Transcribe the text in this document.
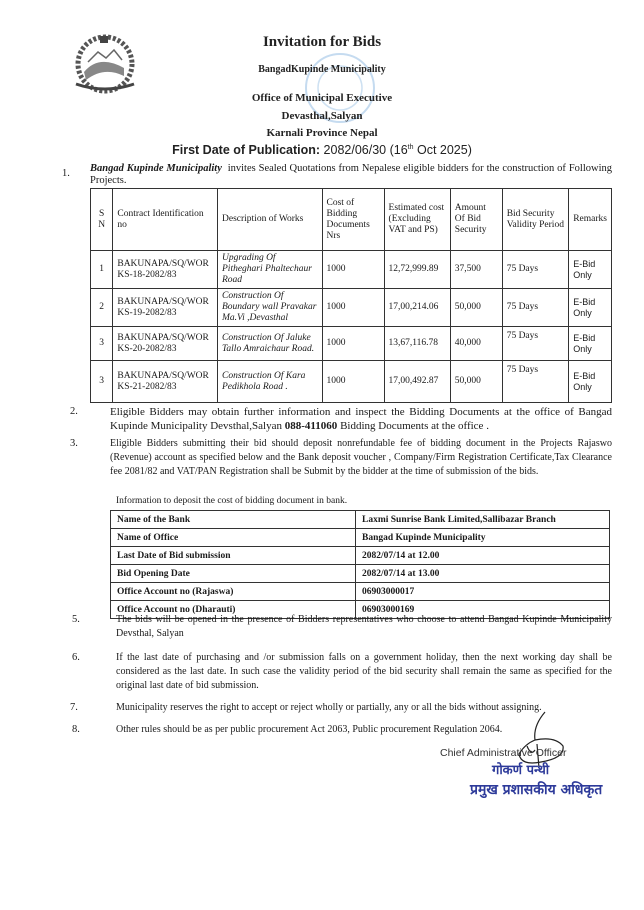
Invitation for Bids
BangadKupinde Municipality
Office of Municipal Executive
Devasthal,Salyan
Karnali Province Nepal
First Date of Publication: 2082/06/30 (16th Oct 2025)
1. Bangad Kupinde Municipality invites Sealed Quotations from Nepalese eligible bidders for the construction of Following Projects.
S N	Contract Identification no	Description of Works	Cost of Bidding Documents Nrs	Estimated cost (Excluding VAT and PS)	Amount Of Bid Security	Bid Security Validity Period	Remarks
1	BAKUNAPA/SQ/WORKS-18-2082/83	Upgrading Of Pitheghari Phaltechaur Road	1000	12,72,999.89	37,500	75 Days	E-Bid Only
2	BAKUNAPA/SQ/WORKS-19-2082/83	Construction Of Boundary wall Pravakar Ma.Vi ,Devasthal	1000	17,00,214.06	50,000	75 Days	E-Bid Only
3	BAKUNAPA/SQ/WORKS-20-2082/83	Construction Of Jaluke Tallo Amraichaur Road.	1000	13,67,116.78	40,000	75 Days	E-Bid Only
3	BAKUNAPA/SQ/WORKS-21-2082/83	Construction Of Kara Pedikhola Road .	1000	17,00,492.87	50,000	75 Days	E-Bid Only
2.	Eligible Bidders may obtain further information and inspect the Bidding Documents at the office of Bangad Kupinde Municipality Devsthal,Salyan 088-411060 Bidding Documents at the office .
3.	Eligible Bidders submitting their bid should deposit nonrefundable fee of bidding document in the Projects Rajaswo (Revenue) account as specified below and the Bank deposit voucher , Company/Firm Registration Certificate,Tax Clearance fee 2081/82 and VAT/PAN Registration shall be Submit by the bidder at the time of submission of the bids.
Information to deposit the cost of bidding document in bank.
Name of the Bank	Laxmi Sunrise Bank Limited,Sallibazar Branch
Name of Office	Bangad Kupinde Municipality
Last Date of Bid submission	2082/07/14 at 12.00
Bid Opening Date	2082/07/14 at 13.00
Office Account no (Rajaswa)	06903000017
Office Account no (Dharauti)	06903000169
5.	The bids will be opened in the presence of Bidders representatives who choose to attend Bangad Kupinde Municipality Devsthal, Salyan
6.	If the last date of purchasing and /or submission falls on a government holiday, then the next working day shall be considered as the last date. In such case the validity period of the bid security shall remain the same as specified for the original last date of bid submission.
7.	Municipality reserves the right to accept or reject wholly or partially, any or all the bids without assigning.
8.	Other rules should be as per public procurement Act 2063, Public procurement Regulation 2064.
Chief Administrative Officer
गोकर्ण पन्थी
प्रमुख प्रशासकीय अधिकृत
